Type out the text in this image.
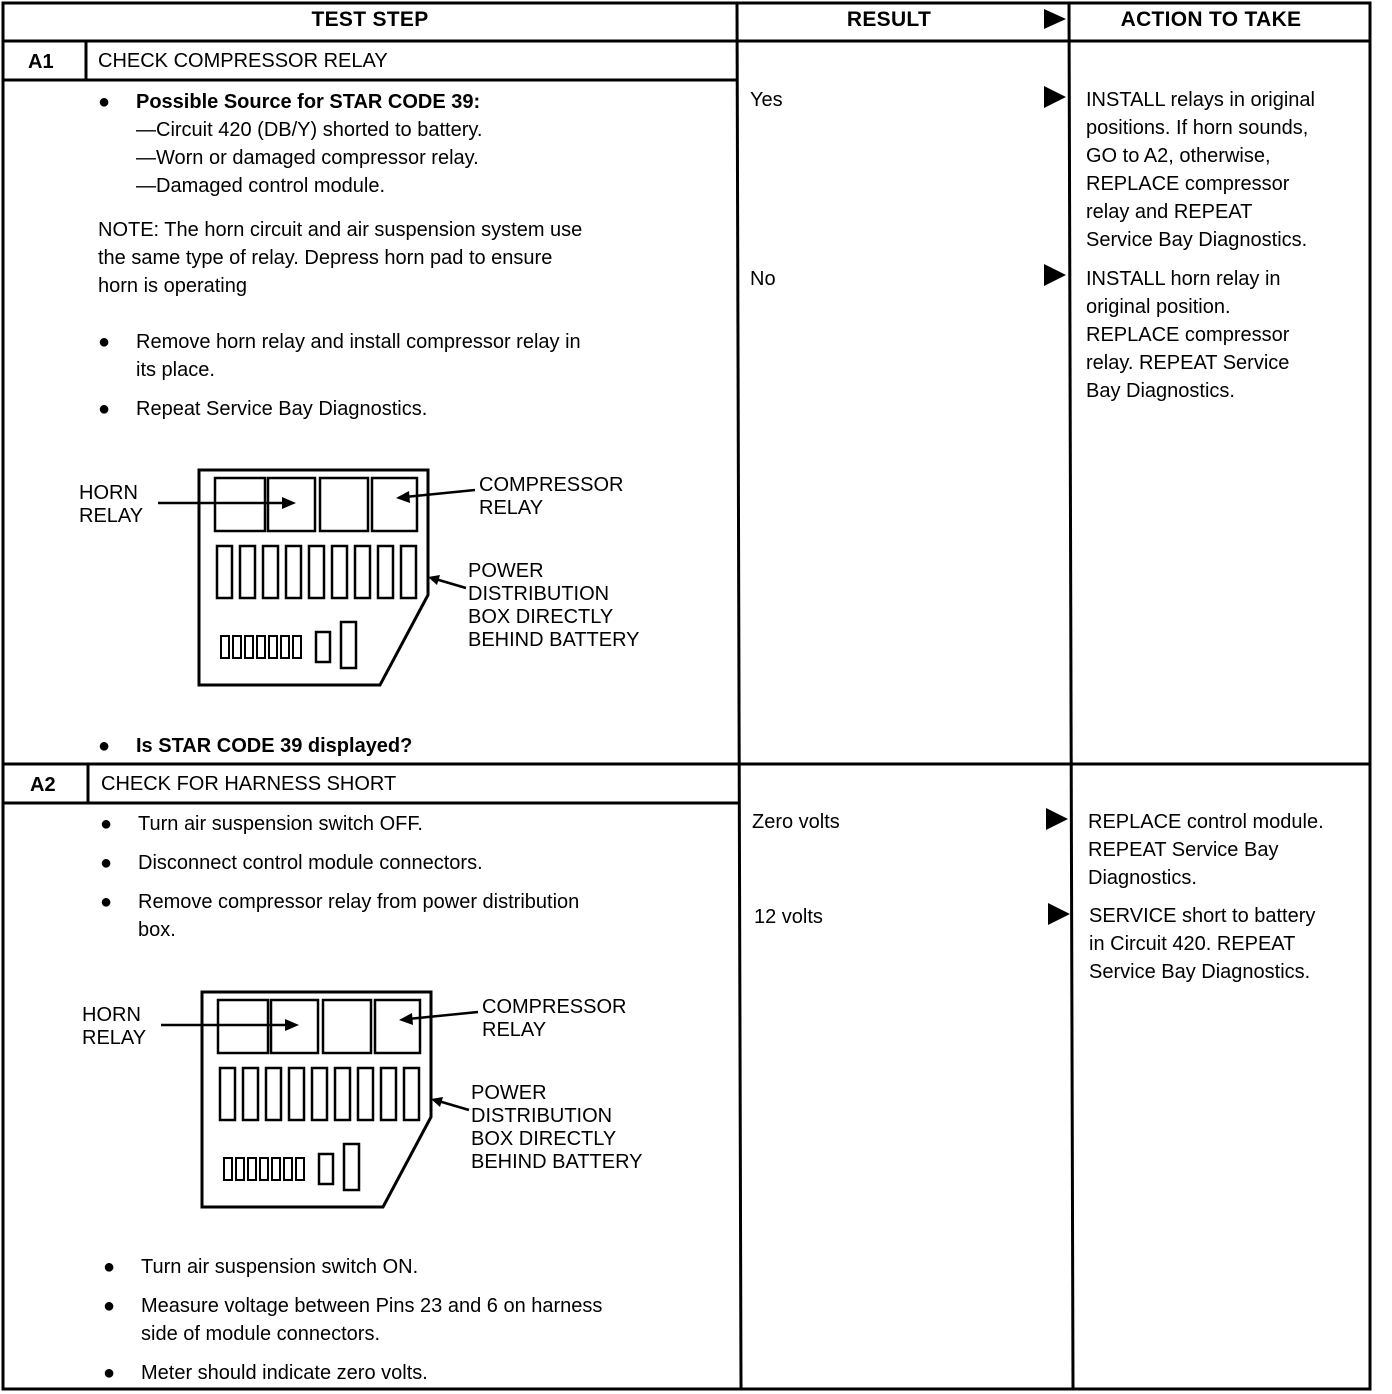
TEST STEP	RESULT	ACTION TO TAKE
A1 CHECK COMPRESSOR RELAY
● Possible Source for STAR CODE 39:
—Circuit 420 (DB/Y) shorted to battery.
—Worn or damaged compressor relay.
—Damaged control module.
NOTE: The horn circuit and air suspension system use
the same type of relay. Depress horn pad to ensure
horn is operating
● Remove horn relay and install compressor relay in
its place.
● Repeat Service Bay Diagnostics.
HORN
RELAY
COMPRESSOR
RELAY
POWER
DISTRIBUTION
BOX DIRECTLY
BEHIND BATTERY
● Is STAR CODE 39 displayed?
Yes
No
INSTALL relays in original
positions. If horn sounds,
GO to A2, otherwise,
REPLACE compressor
relay and REPEAT
Service Bay Diagnostics.
INSTALL horn relay in
original position.
REPLACE compressor
relay. REPEAT Service
Bay Diagnostics.
A2 CHECK FOR HARNESS SHORT
● Turn air suspension switch OFF.
● Disconnect control module connectors.
● Remove compressor relay from power distribution
box.
HORN
RELAY
COMPRESSOR
RELAY
POWER
DISTRIBUTION
BOX DIRECTLY
BEHIND BATTERY
● Turn air suspension switch ON.
● Measure voltage between Pins 23 and 6 on harness
side of module connectors.
● Meter should indicate zero volts.
Zero volts
12 volts
REPLACE control module.
REPEAT Service Bay
Diagnostics.
SERVICE short to battery
in Circuit 420. REPEAT
Service Bay Diagnostics.
